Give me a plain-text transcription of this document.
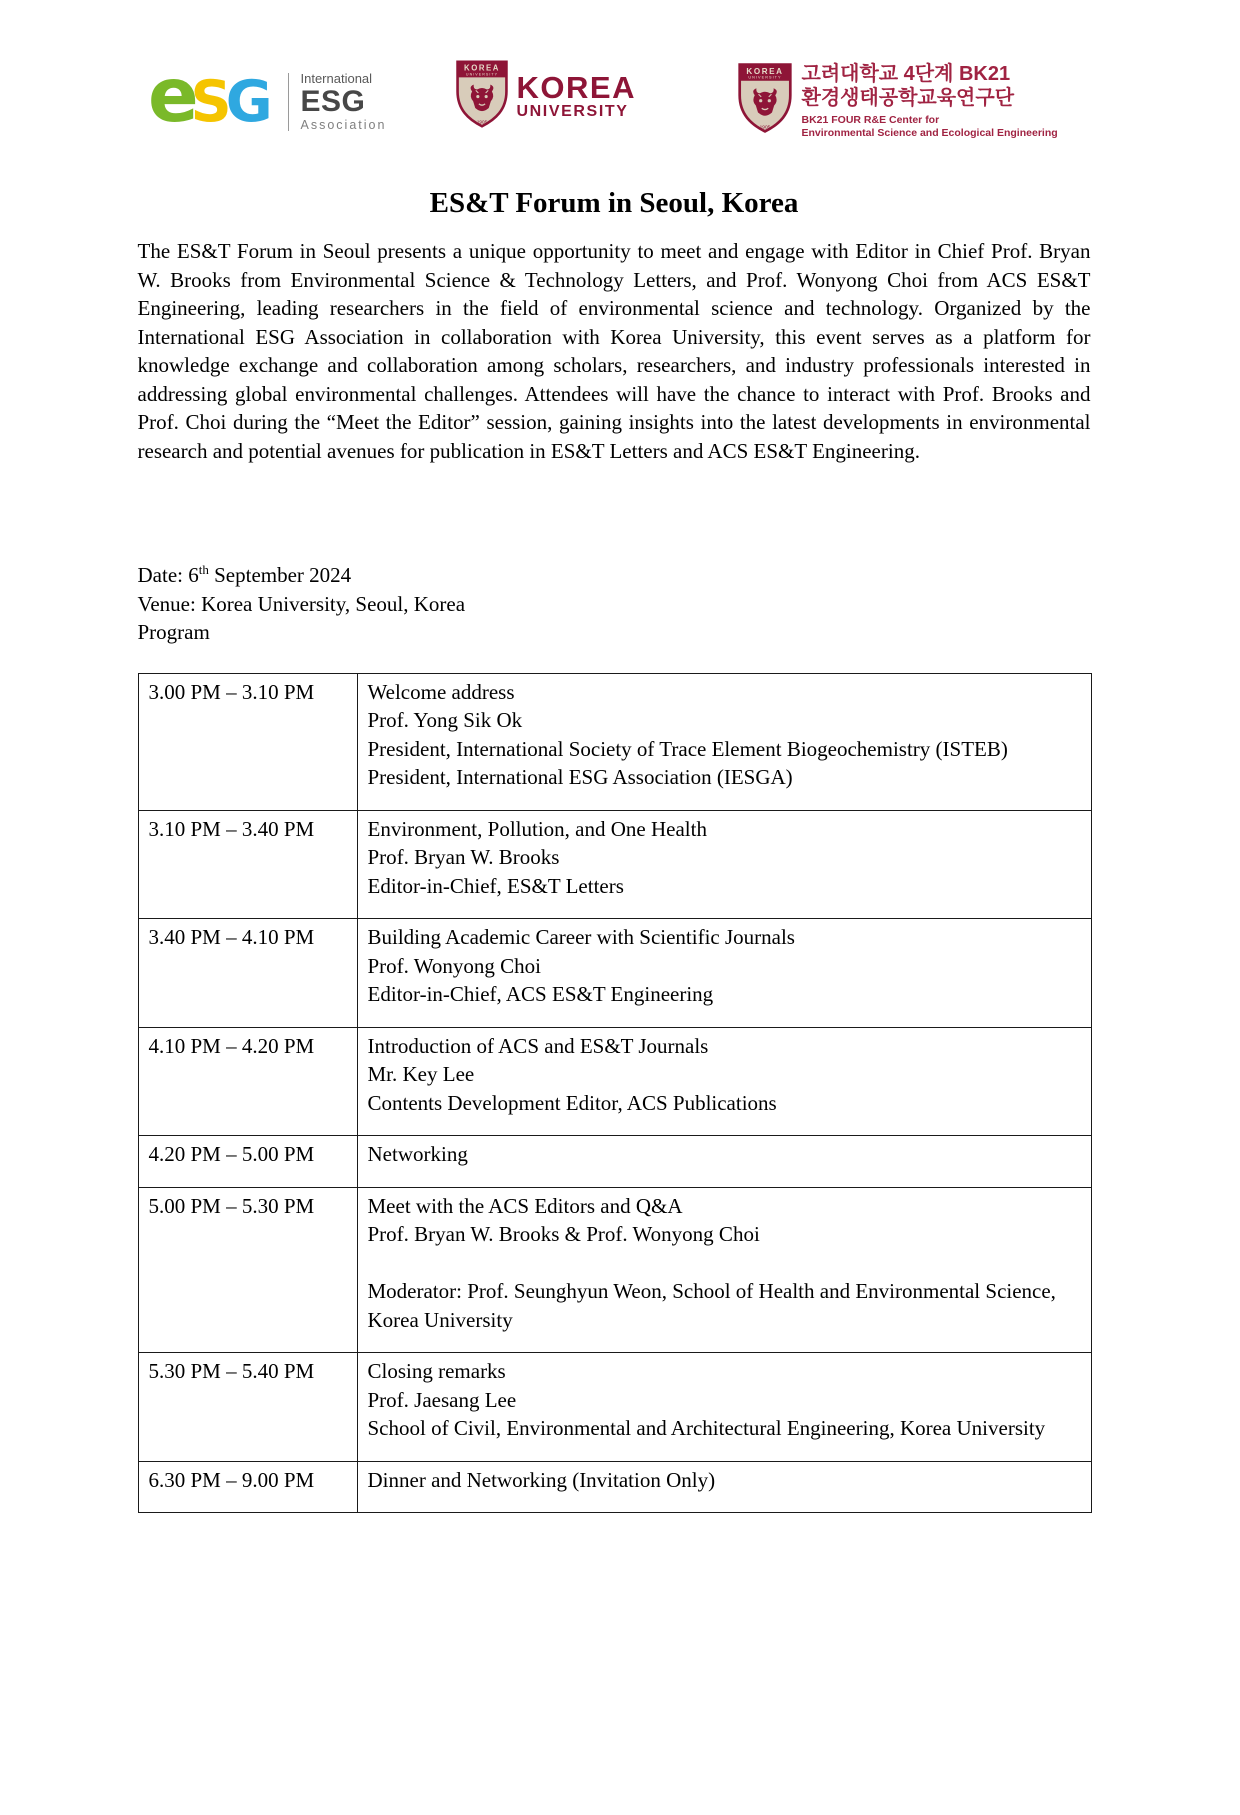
e
S
G International
ESG
Association
KOREA
UNIVERSITY
1905
KOREA
UNIVERSITY
KOREA
UNIVERSITY
1905
고려대학교 4단계 BK21
환경생태공학교육연구단
BK21 FOUR R&E Center for
Environmental Science and Ecological Engineering
ES&T Forum in Seoul, Korea

The ES&T Forum in Seoul presents a unique opportunity to meet and engage with Editor in Chief Prof. Bryan W. Brooks from Environmental Science & Technology Letters, and Prof. Wonyong Choi from ACS ES&T Engineering, leading researchers in the field of environmental science and technology. Organized by the International ESG Association in collaboration with Korea University, this event serves as a platform for knowledge exchange and collaboration among scholars, researchers, and industry professionals interested in addressing global environmental challenges. Attendees will have the chance to interact with Prof. Brooks and Prof. Choi during the “Meet the Editor” session, gaining insights into the latest developments in environmental research and potential avenues for publication in ES&T Letters and ACS ES&T Engineering.

Date: 6th September 2024
Venue: Korea University, Seoul, Korea
Program
3.00 PM – 3.10 PM	Welcome address
Prof. Yong Sik Ok
President, International Society of Trace Element Biogeochemistry (ISTEB)
President, International ESG Association (IESGA)

3.10 PM – 3.40 PM	Environment, Pollution, and One Health
Prof. Bryan W. Brooks
Editor-in-Chief, ES&T Letters

3.40 PM – 4.10 PM	Building Academic Career with Scientific Journals
Prof. Wonyong Choi
Editor-in-Chief, ACS ES&T Engineering

4.10 PM – 4.20 PM	Introduction of ACS and ES&T Journals
Mr. Key Lee
Contents Development Editor, ACS Publications

4.20 PM – 5.00 PM	Networking

5.00 PM – 5.30 PM	Meet with the ACS Editors and Q&A
Prof. Bryan W. Brooks & Prof. Wonyong Choi

Moderator: Prof. Seunghyun Weon, School of Health and Environmental Science, Korea University

5.30 PM – 5.40 PM	Closing remarks
Prof. Jaesang Lee
School of Civil, Environmental and Architectural Engineering, Korea University

6.30 PM – 9.00 PM	Dinner and Networking (Invitation Only)
